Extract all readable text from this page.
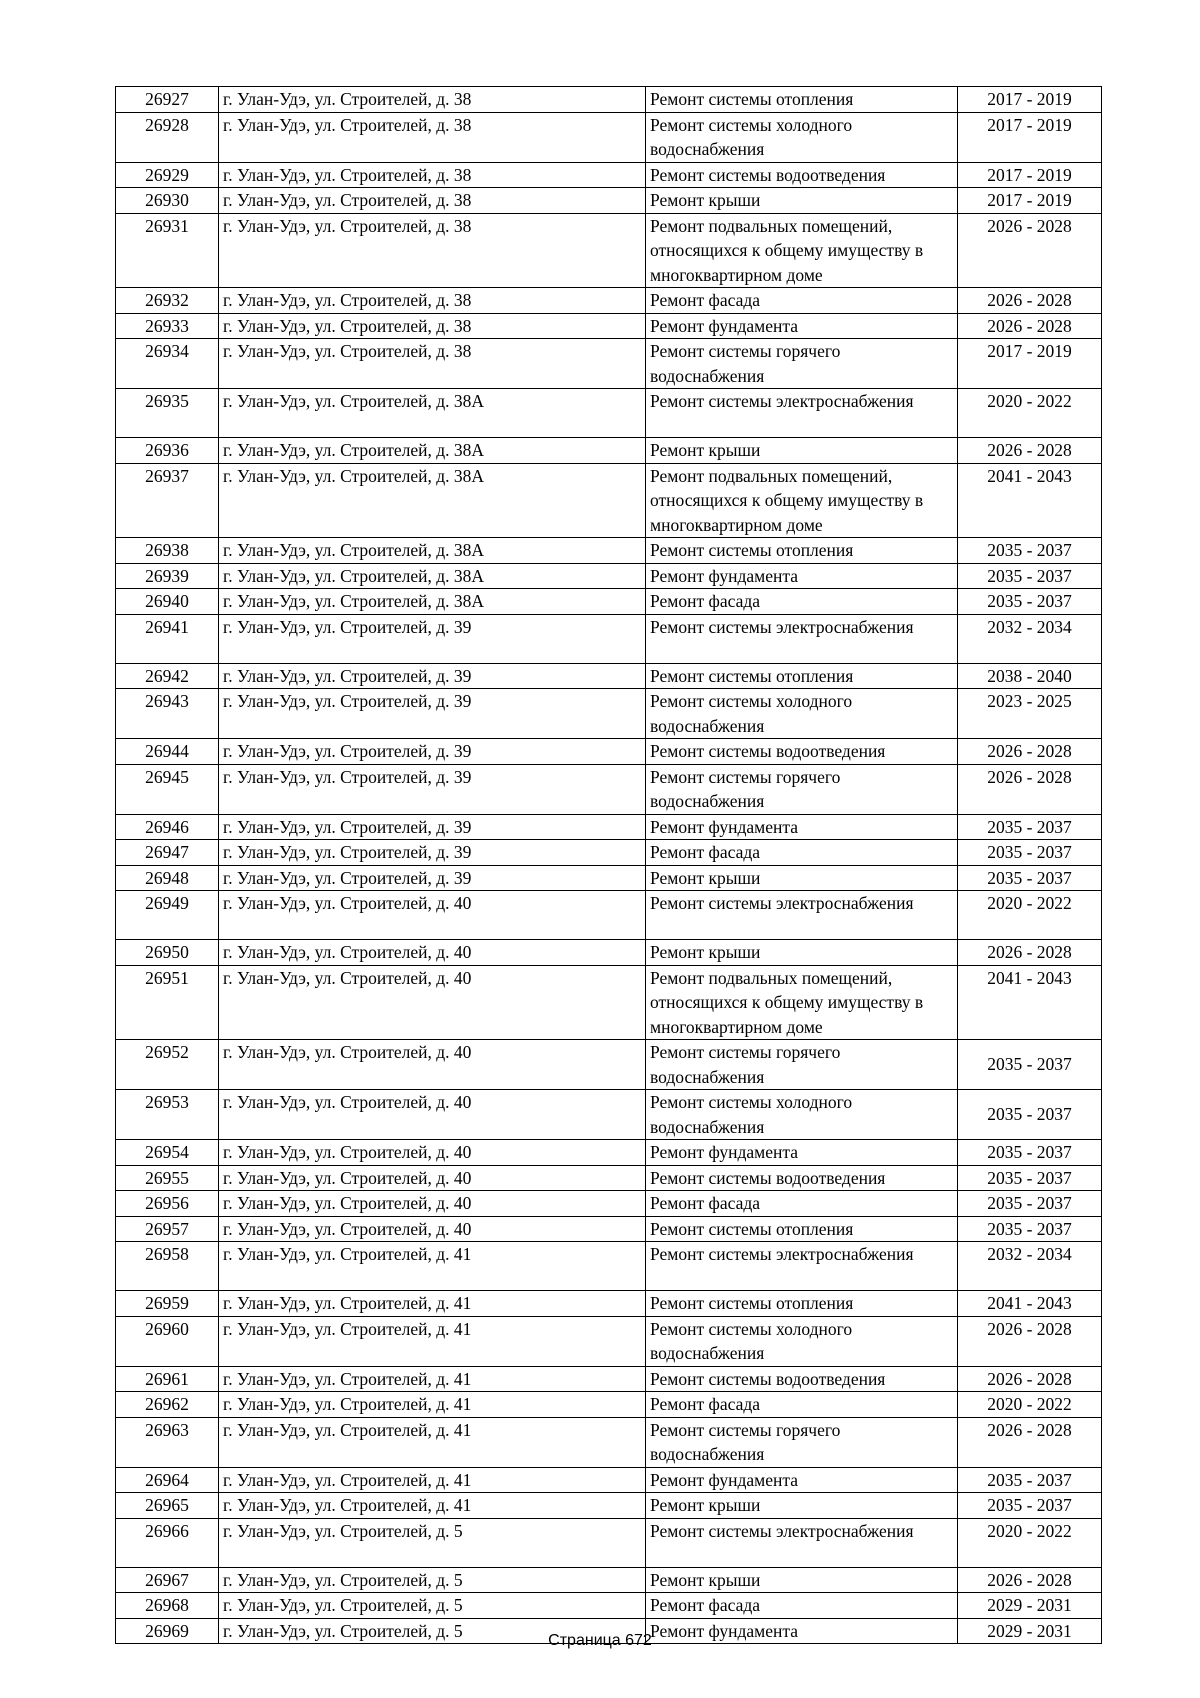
26927	г. Улан-Удэ, ул. Строителей, д. 38	Ремонт системы отопления	2017 - 2019
26928	г. Улан-Удэ, ул. Строителей, д. 38	Ремонт системы холодного водоснабжения	2017 - 2019
26929	г. Улан-Удэ, ул. Строителей, д. 38	Ремонт системы водоотведения	2017 - 2019
26930	г. Улан-Удэ, ул. Строителей, д. 38	Ремонт крыши	2017 - 2019
26931	г. Улан-Удэ, ул. Строителей, д. 38	Ремонт подвальных помещений, относящихся к общему имуществу в многоквартирном доме	2026 - 2028
26932	г. Улан-Удэ, ул. Строителей, д. 38	Ремонт фасада	2026 - 2028
26933	г. Улан-Удэ, ул. Строителей, д. 38	Ремонт фундамента	2026 - 2028
26934	г. Улан-Удэ, ул. Строителей, д. 38	Ремонт системы горячего водоснабжения	2017 - 2019
26935	г. Улан-Удэ, ул. Строителей, д. 38А	Ремонт системы электроснабжения	2020 - 2022
26936	г. Улан-Удэ, ул. Строителей, д. 38А	Ремонт крыши	2026 - 2028
26937	г. Улан-Удэ, ул. Строителей, д. 38А	Ремонт подвальных помещений, относящихся к общему имуществу в многоквартирном доме	2041 - 2043
26938	г. Улан-Удэ, ул. Строителей, д. 38А	Ремонт системы отопления	2035 - 2037
26939	г. Улан-Удэ, ул. Строителей, д. 38А	Ремонт фундамента	2035 - 2037
26940	г. Улан-Удэ, ул. Строителей, д. 38А	Ремонт фасада	2035 - 2037
26941	г. Улан-Удэ, ул. Строителей, д. 39	Ремонт системы электроснабжения	2032 - 2034
26942	г. Улан-Удэ, ул. Строителей, д. 39	Ремонт системы отопления	2038 - 2040
26943	г. Улан-Удэ, ул. Строителей, д. 39	Ремонт системы холодного водоснабжения	2023 - 2025
26944	г. Улан-Удэ, ул. Строителей, д. 39	Ремонт системы водоотведения	2026 - 2028
26945	г. Улан-Удэ, ул. Строителей, д. 39	Ремонт системы горячего водоснабжения	2026 - 2028
26946	г. Улан-Удэ, ул. Строителей, д. 39	Ремонт фундамента	2035 - 2037
26947	г. Улан-Удэ, ул. Строителей, д. 39	Ремонт фасада	2035 - 2037
26948	г. Улан-Удэ, ул. Строителей, д. 39	Ремонт крыши	2035 - 2037
26949	г. Улан-Удэ, ул. Строителей, д. 40	Ремонт системы электроснабжения	2020 - 2022
26950	г. Улан-Удэ, ул. Строителей, д. 40	Ремонт крыши	2026 - 2028
26951	г. Улан-Удэ, ул. Строителей, д. 40	Ремонт подвальных помещений, относящихся к общему имуществу в многоквартирном доме	2041 - 2043
26952	г. Улан-Удэ, ул. Строителей, д. 40	Ремонт системы горячего водоснабжения	2035 - 2037
26953	г. Улан-Удэ, ул. Строителей, д. 40	Ремонт системы холодного водоснабжения	2035 - 2037
26954	г. Улан-Удэ, ул. Строителей, д. 40	Ремонт фундамента	2035 - 2037
26955	г. Улан-Удэ, ул. Строителей, д. 40	Ремонт системы водоотведения	2035 - 2037
26956	г. Улан-Удэ, ул. Строителей, д. 40	Ремонт фасада	2035 - 2037
26957	г. Улан-Удэ, ул. Строителей, д. 40	Ремонт системы отопления	2035 - 2037
26958	г. Улан-Удэ, ул. Строителей, д. 41	Ремонт системы электроснабжения	2032 - 2034
26959	г. Улан-Удэ, ул. Строителей, д. 41	Ремонт системы отопления	2041 - 2043
26960	г. Улан-Удэ, ул. Строителей, д. 41	Ремонт системы холодного водоснабжения	2026 - 2028
26961	г. Улан-Удэ, ул. Строителей, д. 41	Ремонт системы водоотведения	2026 - 2028
26962	г. Улан-Удэ, ул. Строителей, д. 41	Ремонт фасада	2020 - 2022
26963	г. Улан-Удэ, ул. Строителей, д. 41	Ремонт системы горячего водоснабжения	2026 - 2028
26964	г. Улан-Удэ, ул. Строителей, д. 41	Ремонт фундамента	2035 - 2037
26965	г. Улан-Удэ, ул. Строителей, д. 41	Ремонт крыши	2035 - 2037
26966	г. Улан-Удэ, ул. Строителей, д. 5	Ремонт системы электроснабжения	2020 - 2022
26967	г. Улан-Удэ, ул. Строителей, д. 5	Ремонт крыши	2026 - 2028
26968	г. Улан-Удэ, ул. Строителей, д. 5	Ремонт фасада	2029 - 2031
26969	г. Улан-Удэ, ул. Строителей, д. 5	Ремонт фундамента	2029 - 2031
Страница 672
